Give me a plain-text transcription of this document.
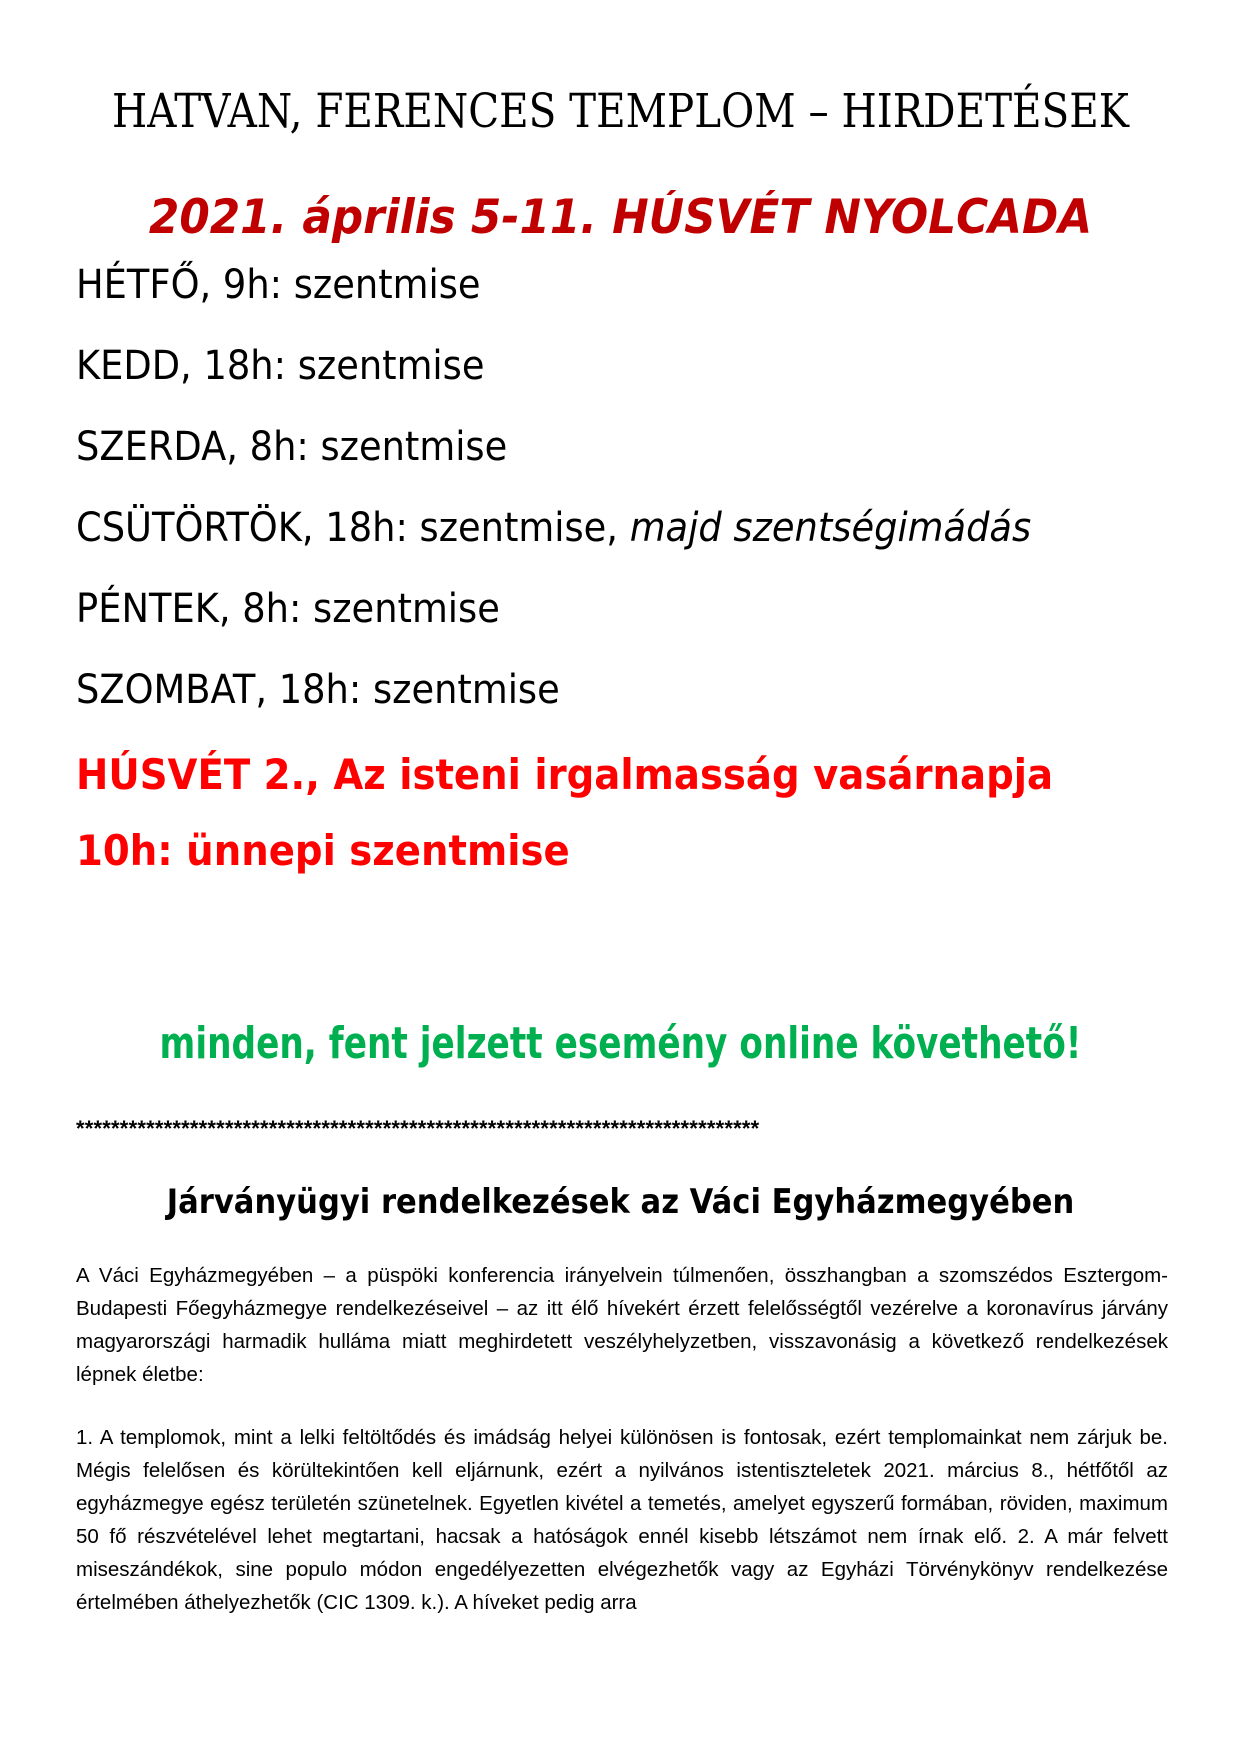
HATVAN, FERENCES TEMPLOM – HIRDETÉSEK
2021. április 5-11. HÚSVÉT NYOLCADA
HÉTFŐ, 9h: szentmise
KEDD, 18h: szentmise
SZERDA, 8h: szentmise
CSÜTÖRTÖK, 18h: szentmise, majd szentségimádás
PÉNTEK, 8h: szentmise
SZOMBAT, 18h: szentmise
HÚSVÉT 2., Az isteni irgalmasság vasárnapja
10h: ünnepi szentmise
minden, fent jelzett esemény online követhető!
******************************************************************************
Járványügyi rendelkezések az Váci Egyházmegyében
A Váci Egyházmegyében – a püspöki konferencia irányelvein túlmenően, összhangban a szomszédos Esztergom-Budapesti Főegyházmegye rendelkezéseivel – az itt élő hívekért érzett felelősségtől vezérelve a koronavírus járvány magyarországi harmadik hulláma miatt meghirdetett veszélyhelyzetben, visszavonásig a következő rendelkezések lépnek életbe:
1. A templomok, mint a lelki feltöltődés és imádság helyei különösen is fontosak, ezért templomainkat nem zárjuk be. Mégis felelősen és körültekintően kell eljárnunk, ezért a nyilvános istentiszteletek 2021. március 8., hétfőtől az egyházmegye egész területén szünetelnek. Egyetlen kivétel a temetés, amelyet egyszerű formában, röviden, maximum 50 fő részvételével lehet megtartani, hacsak a hatóságok ennél kisebb létszámot nem írnak elő. 2. A már felvett miseszándékok, sine populo módon engedélyezetten elvégezhetők vagy az Egyházi Törvénykönyv rendelkezése értelmében áthelyezhetők (CIC 1309. k.). A híveket pedig arra
